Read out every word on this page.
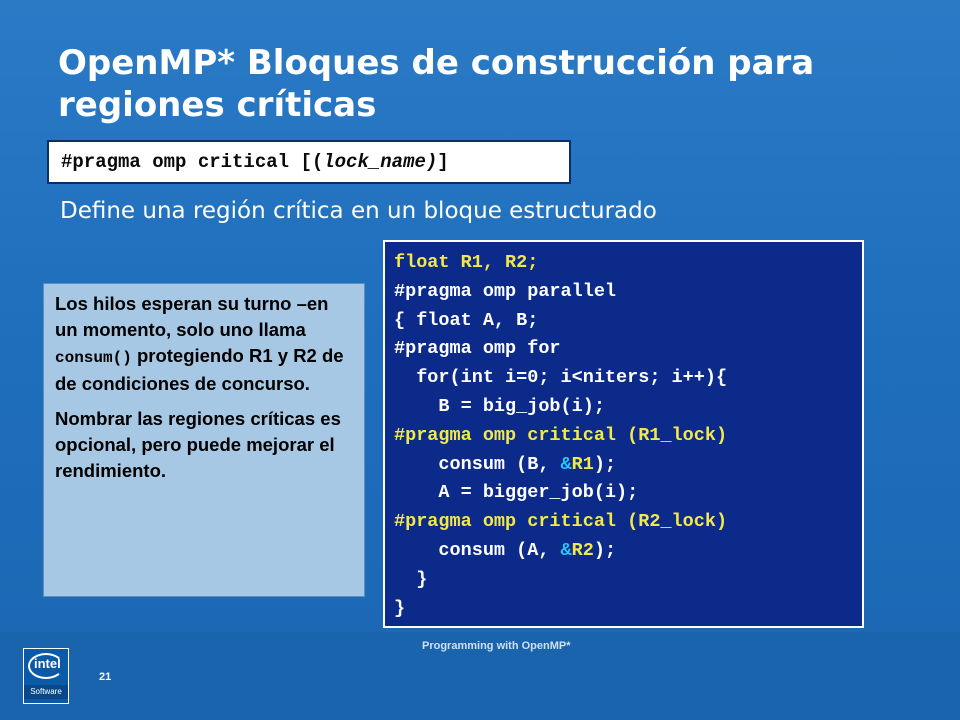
OpenMP* Bloques de construcción para regiones críticas
#pragma omp critical [(lock_name)]
Define una región crítica en un bloque estructurado

Los hilos esperan su turno –en un momento, solo uno llama consum() protegiendo R1 y R2 de de condiciones de concurso.

Nombrar las regiones críticas es opcional, pero puede mejorar el rendimiento.

float R1, R2;
#pragma omp parallel
{ float A, B;
#pragma omp for
for(int i=0; i<niters; i++){
B = big_job(i);
#pragma omp critical (R1_lock)
consum (B, &R1);
A = bigger_job(i);
#pragma omp critical (R2_lock)
consum (A, &R2);
}
}
Programming with OpenMP*
intel
Software
21
